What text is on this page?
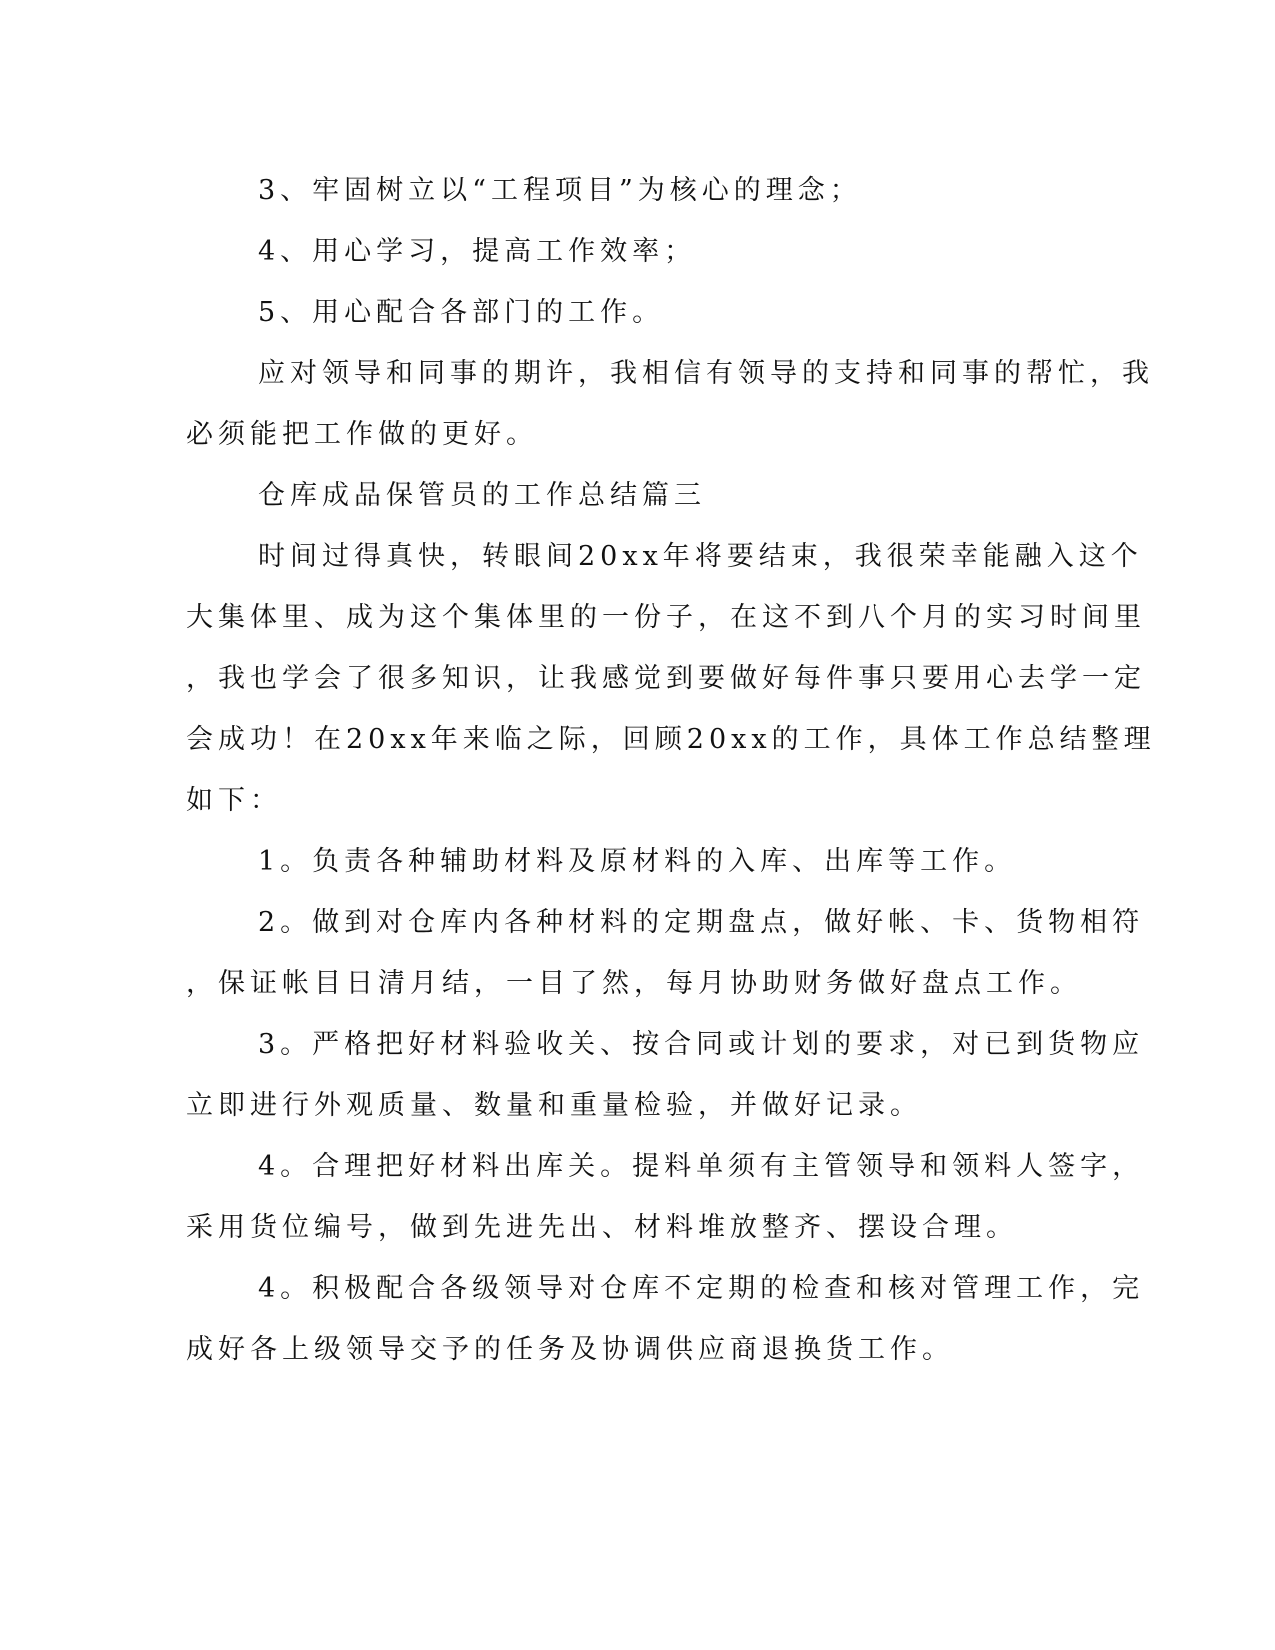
3、牢固树立以“工程项目”为核心的理念；

4、用心学习，提高工作效率；

5、用心配合各部门的工作。

应对领导和同事的期许，我相信有领导的支持和同事的帮忙，我

必须能把工作做的更好。

仓库成品保管员的工作总结篇三

时间过得真快，转眼间20xx年将要结束，我很荣幸能融入这个

大集体里、成为这个集体里的一份子，在这不到八个月的实习时间里

，我也学会了很多知识，让我感觉到要做好每件事只要用心去学一定

会成功！在20xx年来临之际，回顾20xx的工作，具体工作总结整理

如下：

1。负责各种辅助材料及原材料的入库、出库等工作。

2。做到对仓库内各种材料的定期盘点，做好帐、卡、货物相符

，保证帐目日清月结，一目了然，每月协助财务做好盘点工作。

3。严格把好材料验收关、按合同或计划的要求，对已到货物应

立即进行外观质量、数量和重量检验，并做好记录。

4。合理把好材料出库关。提料单须有主管领导和领料人签字，

采用货位编号，做到先进先出、材料堆放整齐、摆设合理。

4。积极配合各级领导对仓库不定期的检查和核对管理工作，完

成好各上级领导交予的任务及协调供应商退换货工作。
